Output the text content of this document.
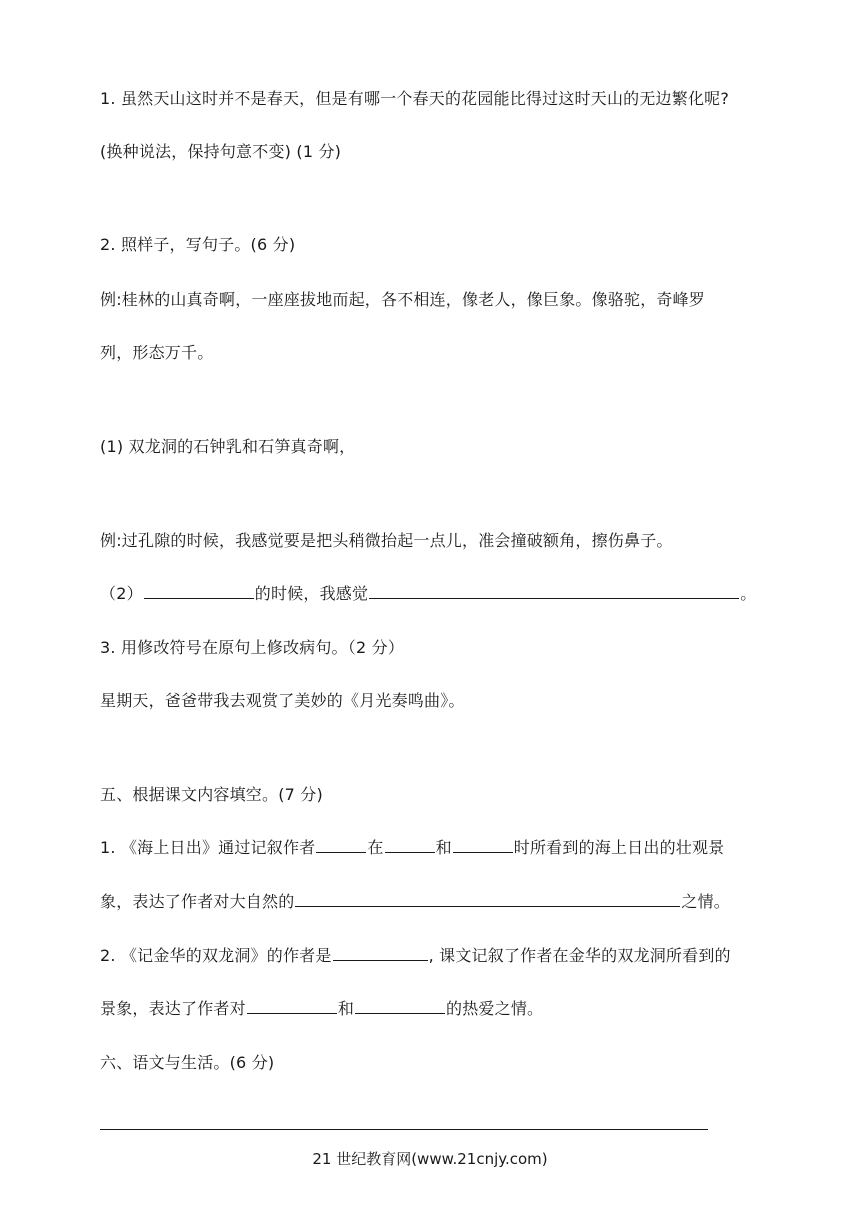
1. 虽然天山这时并不是春天，但是有哪一个春天的花园能比得过这时天山的无边繁化呢?
(换种说法，保持句意不变) (1 分)
2. 照样子，写句子。(6 分)
例:桂林的山真奇啊，一座座拔地而起，各不相连，像老人，像巨象。像骆驼，奇峰罗
列，形态万千。
(1) 双龙洞的石钟乳和石笋真奇啊，
例:过孔隙的时候，我感觉要是把头稍微抬起一点儿，准会撞破额角，擦伤鼻子。
（2）	的时候，我感觉	。
3. 用修改符号在原句上修改病句。（2 分）
星期天，爸爸带我去观赏了美妙的《月光奏鸣曲》。
五、根据课文内容填空。(7 分)
1. 《海上日出》通过记叙作者	在	和	时所看到的海上日出的壮观景
象，表达了作者对大自然的	之情。
2. 《记金华的双龙洞》的作者是	, 课文记叙了作者在金华的双龙洞所看到的
景象，表达了作者对	和	的热爱之情。
六、语文与生活。(6 分)
21 世纪教育网(www.21cnjy.com)
